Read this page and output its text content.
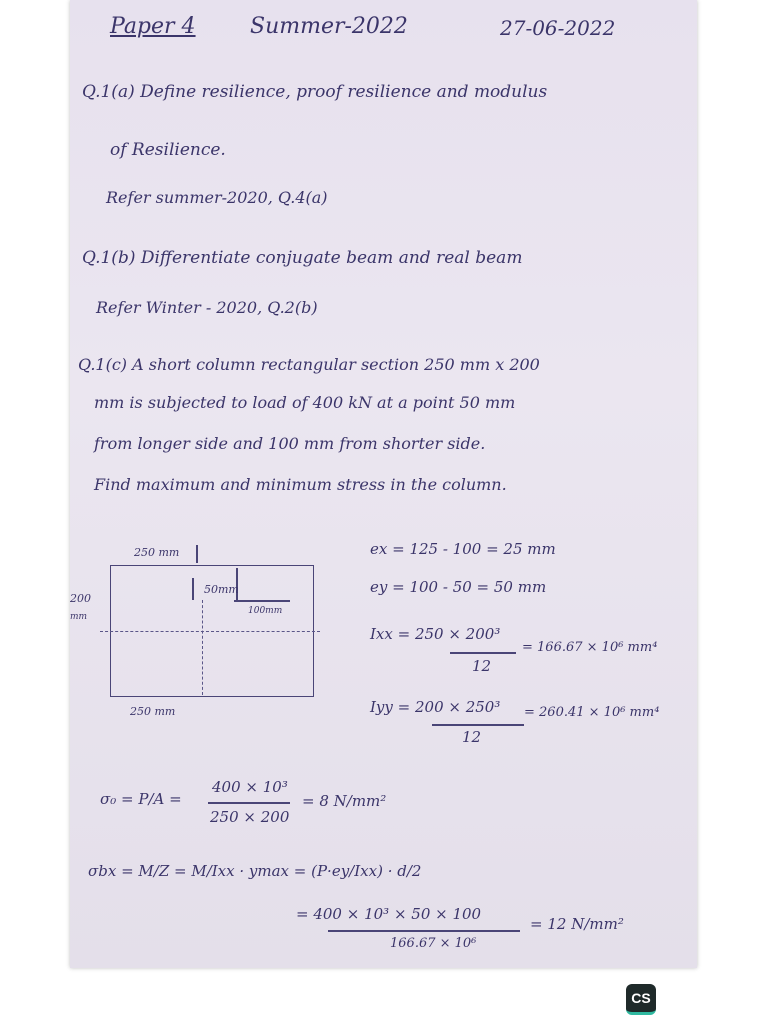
Paper 4 Summer-2022	27-06-2022
Q.1(a) Define resilience, proof resilience and modulus
of Resilience.
Refer summer-2020, Q.4(a)
Q.1(b) Differentiate conjugate beam and real beam
Refer Winter - 2020, Q.2(b)
Q.1(c) A short column rectangular section 250 mm x 200
mm is subjected to load of 400 kN at a point 50 mm
from longer side and 100 mm from shorter side.
Find maximum and minimum stress in the column.
250 mm
50mm
100mm
200
mm
250 mm
ex = 125 - 100 = 25 mm
ey = 100 - 50 = 50 mm
Ixx = 250 × 200³
12
= 166.67 × 10⁶ mm⁴
Iyy = 200 × 250³
12
= 260.41 × 10⁶ mm⁴
σ₀ = P/A =
400 × 10³
250 × 200
= 8 N/mm²
σbx = M/Z = M/Ixx · ymax = (P·ey/Ixx) · d/2
= 400 × 10³ × 50 × 100
166.67 × 10⁶
= 12 N/mm²
CS
